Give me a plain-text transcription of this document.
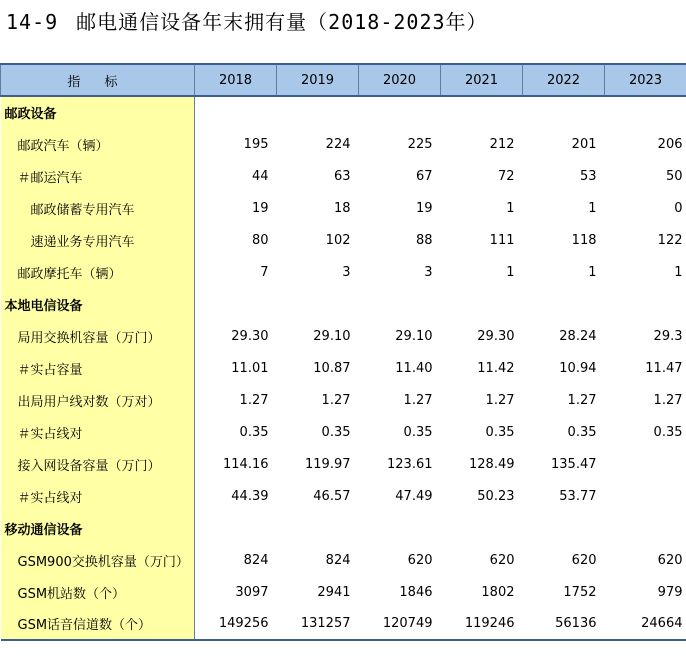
14-9 邮电通信设备年末拥有量（2018-2023年）
指 标	2018	2019	2020	2021	2022	2023
邮政设备						
邮政汽车（辆）	195	224	225	212	201	206
＃邮运汽车	44	63	67	72	53	50
邮政储蓄专用汽车	19	18	19	1	1	0
速递业务专用汽车	80	102	88	111	118	122
邮政摩托车（辆）	7	3	3	1	1	1
本地电信设备						
局用交换机容量（万门）	29.30	29.10	29.10	29.30	28.24	29.3
＃实占容量	11.01	10.87	11.40	11.42	10.94	11.47
出局用户线对数（万对）	1.27	1.27	1.27	1.27	1.27	1.27
＃实占线对	0.35	0.35	0.35	0.35	0.35	0.35
接入网设备容量（万门）	114.16	119.97	123.61	128.49	135.47	
＃实占线对	44.39	46.57	47.49	50.23	53.77	
移动通信设备						
GSM900交换机容量（万门）	824	824	620	620	620	620
GSM机站数（个）	3097	2941	1846	1802	1752	979
GSM话音信道数（个）	149256	131257	120749	119246	56136	24664
